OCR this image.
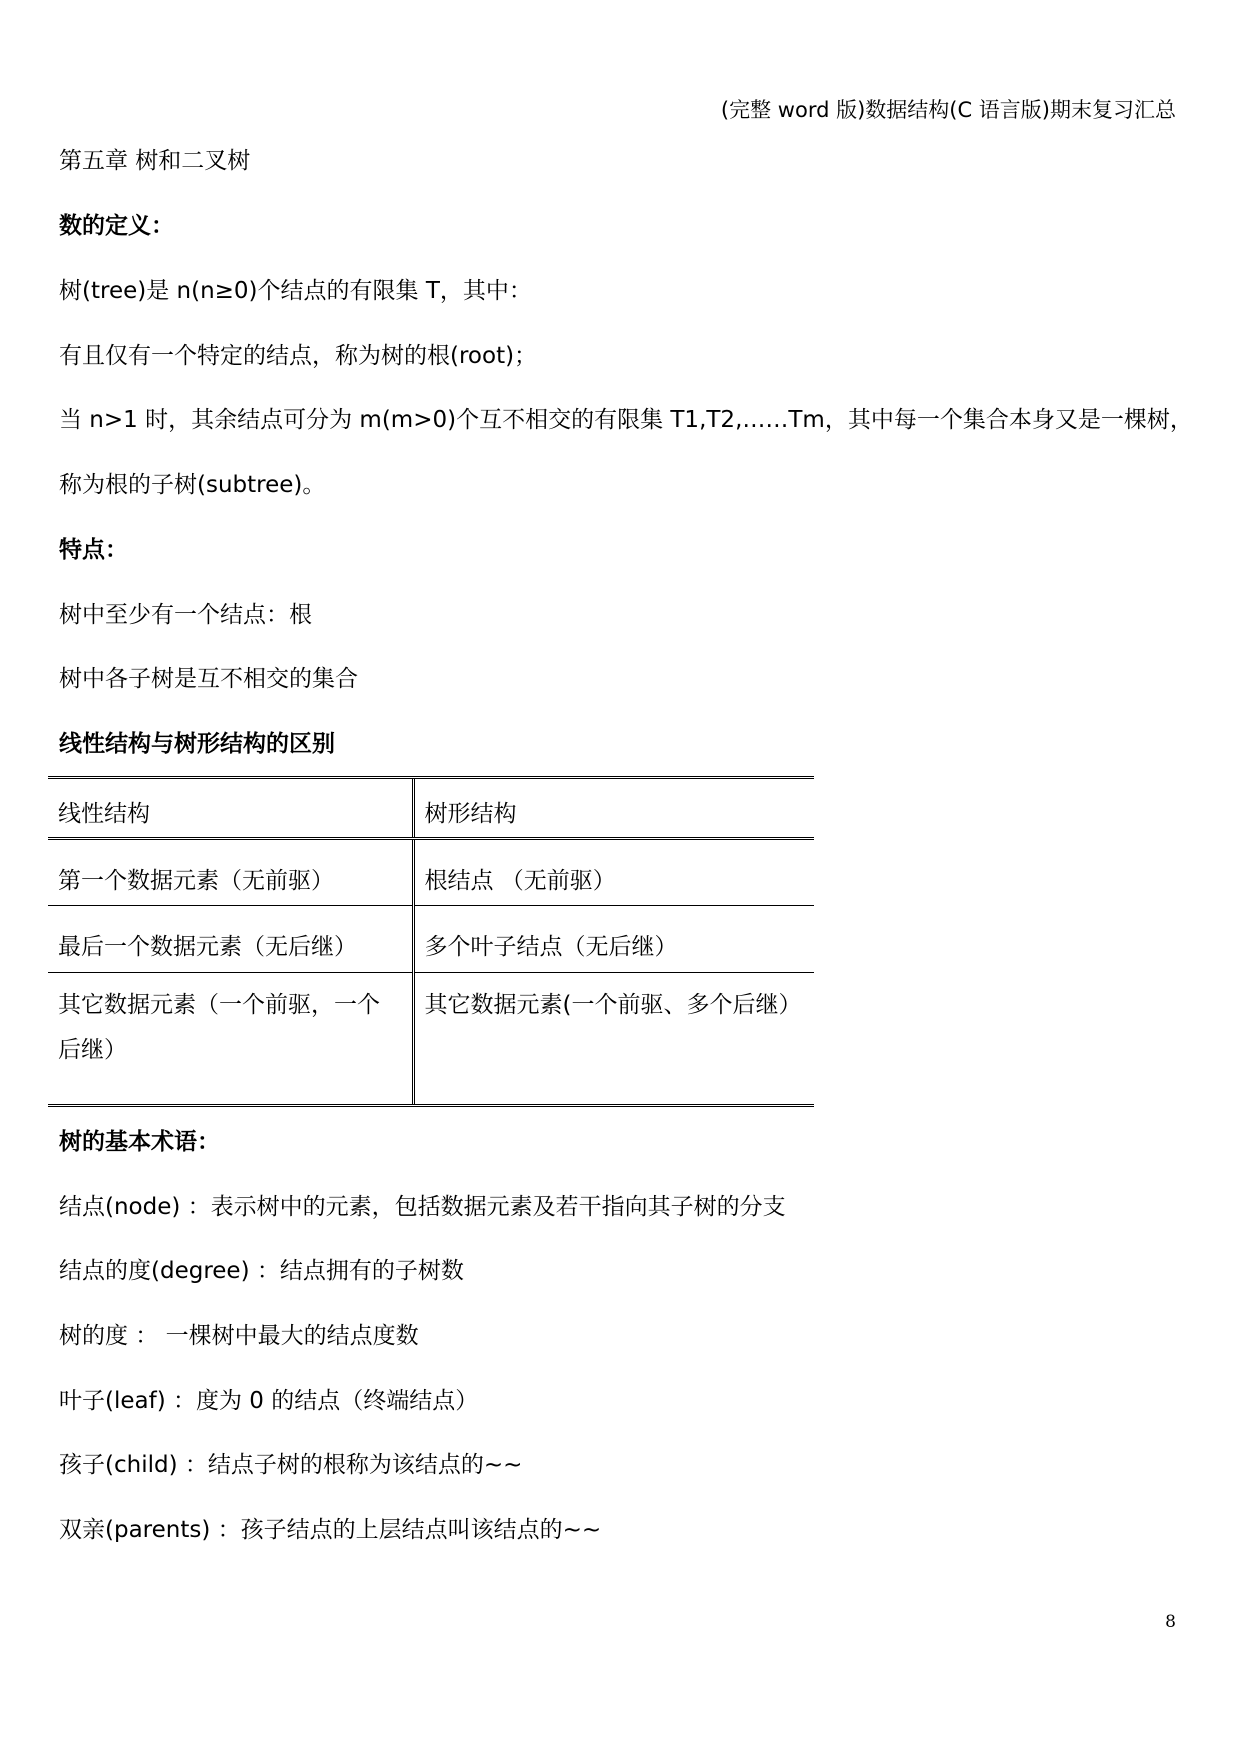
(完整 word 版)数据结构(C 语言版)期末复习汇总
第五章 树和二叉树
数的定义：
树(tree)是 n(n≥0)个结点的有限集 T，其中：
有且仅有一个特定的结点，称为树的根(root)；
当 n>1 时，其余结点可分为 m(m>0)个互不相交的有限集 T1,T2,……Tm，其中每一个集合本身又是一棵树，
称为根的子树(subtree)。
特点：
树中至少有一个结点：根
树中各子树是互不相交的集合
线性结构与树形结构的区别
线性结构	树形结构
第一个数据元素（无前驱）	根结点 （无前驱）
最后一个数据元素（无后继）	多个叶子结点（无后继）

其它数据元素（一个前驱，一个
后继）	其它数据元素(一个前驱、多个后继）
树的基本术语：
结点(node) ：表示树中的元素，包括数据元素及若干指向其子树的分支
结点的度(degree) ：结点拥有的子树数
树的度 ： 一棵树中最大的结点度数
叶子(leaf) ：度为 0 的结点（终端结点）
孩子(child) ：结点子树的根称为该结点的~~
双亲(parents) ：孩子结点的上层结点叫该结点的~~
8
